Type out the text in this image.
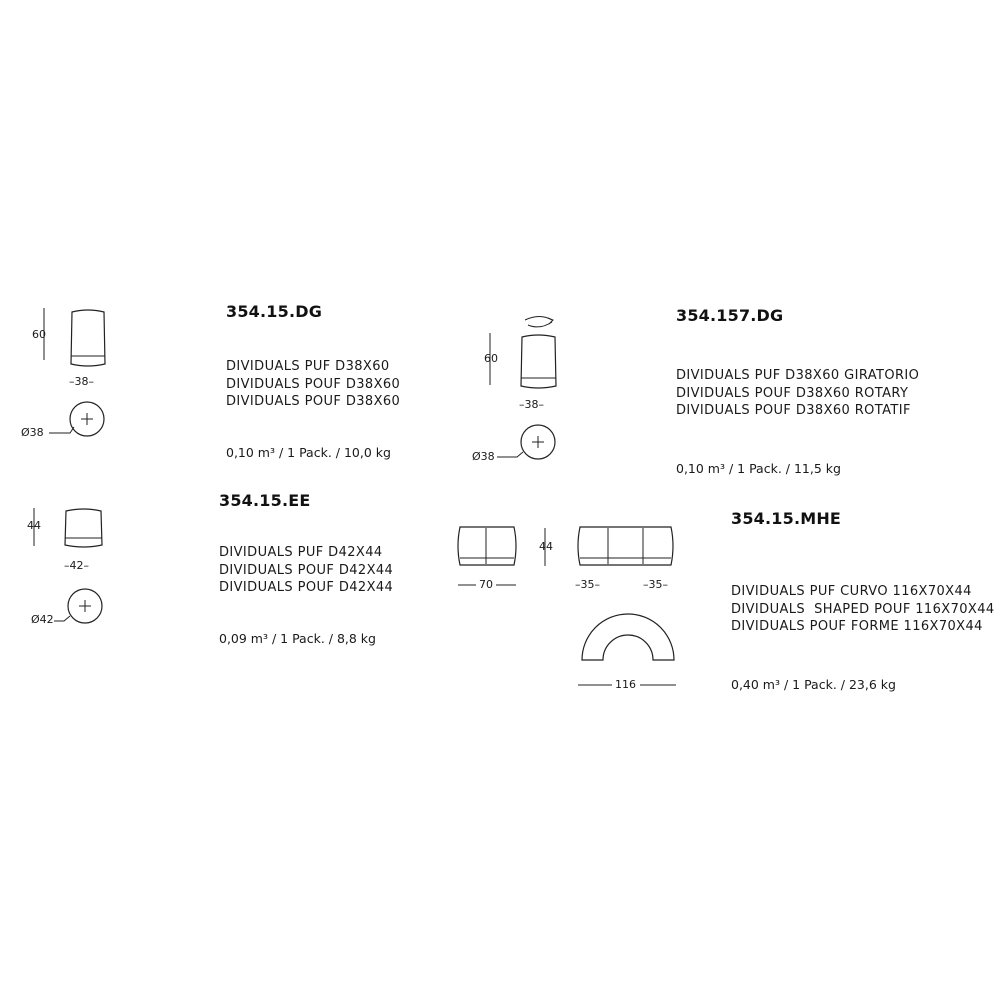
354.15.DG
DIVIDUALS PUF D38X60
DIVIDUALS POUF D38X60
DIVIDUALS POUF D38X60
0,10 m³ / 1 Pack. / 10,0 kg
60
–38–
Ø38
354.157.DG
DIVIDUALS PUF D38X60 GIRATORIO
DIVIDUALS POUF D38X60 ROTARY
DIVIDUALS POUF D38X60 ROTATIF
0,10 m³ / 1 Pack. / 11,5 kg
60
–38–
Ø38
354.15.EE
DIVIDUALS PUF D42X44
DIVIDUALS POUF D42X44
DIVIDUALS POUF D42X44
0,09 m³ / 1 Pack. / 8,8 kg
44
–42–
Ø42
354.15.MHE
DIVIDUALS PUF CURVO 116X70X44
DIVIDUALS  SHAPED POUF 116X70X44
DIVIDUALS POUF FORME 116X70X44
0,40 m³ / 1 Pack. / 23,6 kg
70
44
–35–	–35–
116
